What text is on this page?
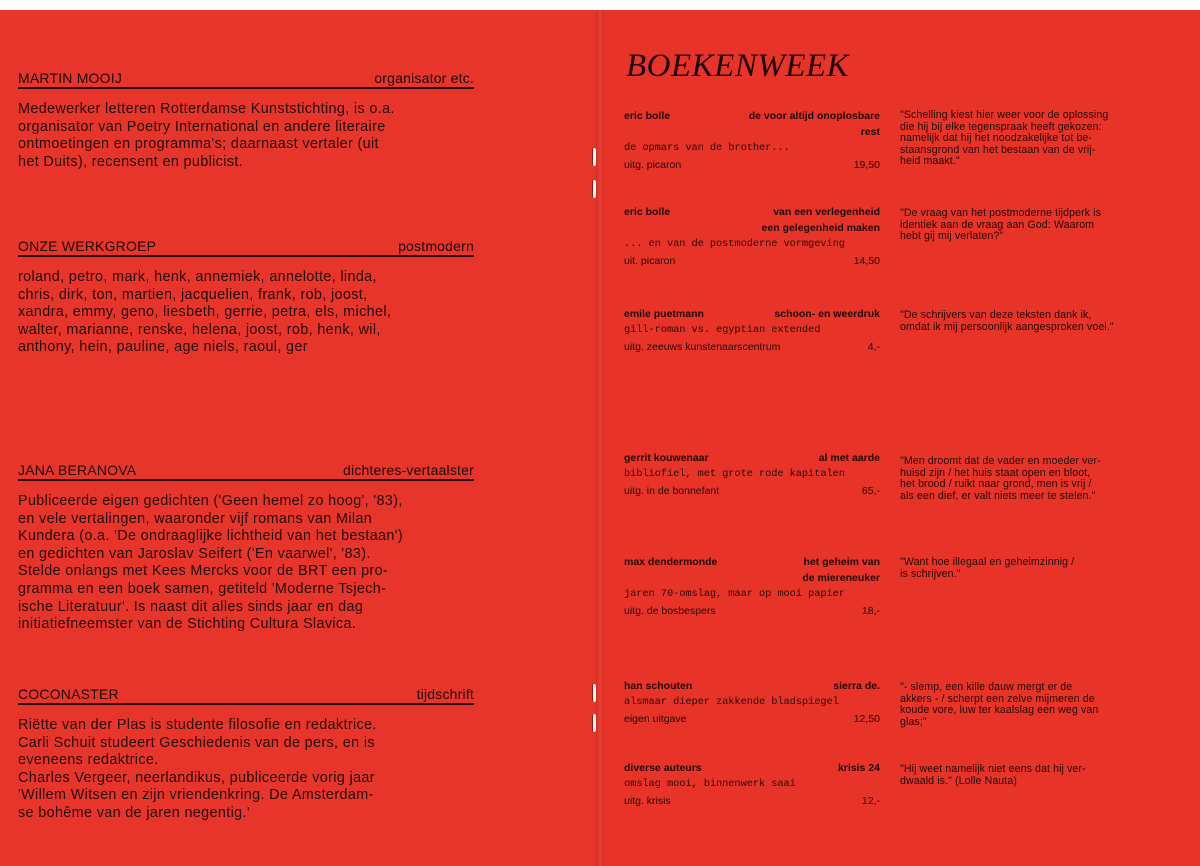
MARTIN MOOIJ	organisator etc.
Medewerker letteren Rotterdamse Kunststichting, is o.a.
organisator van Poetry International en andere literaire
ontmoetingen en programma's; daarnaast vertaler (uit
het Duits), recensent en publicist.
ONZE WERKGROEP	postmodern
roland, petro, mark, henk, annemiek, annelotte, linda,
chris, dirk, ton, martien, jacquelien, frank, rob, joost,
xandra, emmy, geno, liesbeth, gerrie, petra, els, michel,
walter, marianne, renske, helena, joost, rob, henk, wil,
anthony, hein, pauline, age niels, raoul, ger
JANA BERANOVA	dichteres-vertaalster
Publiceerde eigen gedichten ('Geen hemel zo hoog', '83),
en vele vertalingen, waaronder vijf romans van Milan
Kundera (o.a. 'De ondraaglijke lichtheid van het bestaan')
en gedichten van Jaroslav Seifert ('En vaarwel', '83).
Stelde onlangs met Kees Mercks voor de BRT een pro-
gramma en een boek samen, getiteld 'Moderne Tsjech-
ische Literatuur'. Is naast dit alles sinds jaar en dag
initiatiefneemster van de Stichting Cultura Slavica.
COCONASTER	tijdschrift
Riëtte van der Plas is studente filosofie en redaktrice.
Carli Schuit studeert Geschiedenis van de pers, en is
eveneens redaktrice.
Charles Vergeer, neerlandikus, publiceerde vorig jaar
'Willem Witsen en zijn vriendenkring. De Amsterdam-
se bohême van de jaren negentig.'
BOEKENWEEK
eric bolle	de voor altijd onoplosbare
rest
de opmars van de brother...
uitg. picaron	19,50
"Schelling kiest hier weer voor de oplossing
die hij bij elke tegenspraak heeft gekozen:
namelijk dat hij het noodzakelijke tot be-
staansgrond van het bestaan van de vrij-
heid maakt."
eric bolle	van een verlegenheid
een gelegenheid maken
... en van de postmoderne vormgeving
uit. picaron	14,50
"De vraag van het postmoderne tijdperk is
identiek aan de vraag aan God: Waarom
hebt gij mij verlaten?"
emile puetmann	schoon- en weerdruk
gill-roman vs. egyptian extended
uitg. zeeuws kunstenaarscentrum	4,-
"De schrijvers van deze teksten dank ik,
omdat ik mij persoonlijk aangesproken voel."
gerrit kouwenaar	al met aarde
bibliofiel, met grote rode kapitalen
uitg. in de bonnefant	65,-
"Men droomt dat de vader en moeder ver-
huisd zijn / het huis staat open en bloot,
het brood / ruikt naar grond, men is vrij /
als een dief, er valt niets meer te stelen."
max dendermonde	het geheim van
de miereneuker
jaren 70-omslag, maar op mooi papier
uitg. de bosbespers	18,-
"Want hoe illegaal en geheimzinnig /
is schrijven."
han schouten	sierra de.
alsmaar dieper zakkende bladspiegel
eigen uitgave	12,50
"- slemp, een kille dauw mergt er de
akkers - / scherpt een zelve mijmeren de
koude vore, luw ter kaalslag een weg van
glas;"
diverse auteurs	krisis 24
omslag mooi, binnenwerk saai
uitg. krisis	12,-
"Hij weet namelijk niet eens dat hij ver-
dwaald is." (Lolle Nauta)
